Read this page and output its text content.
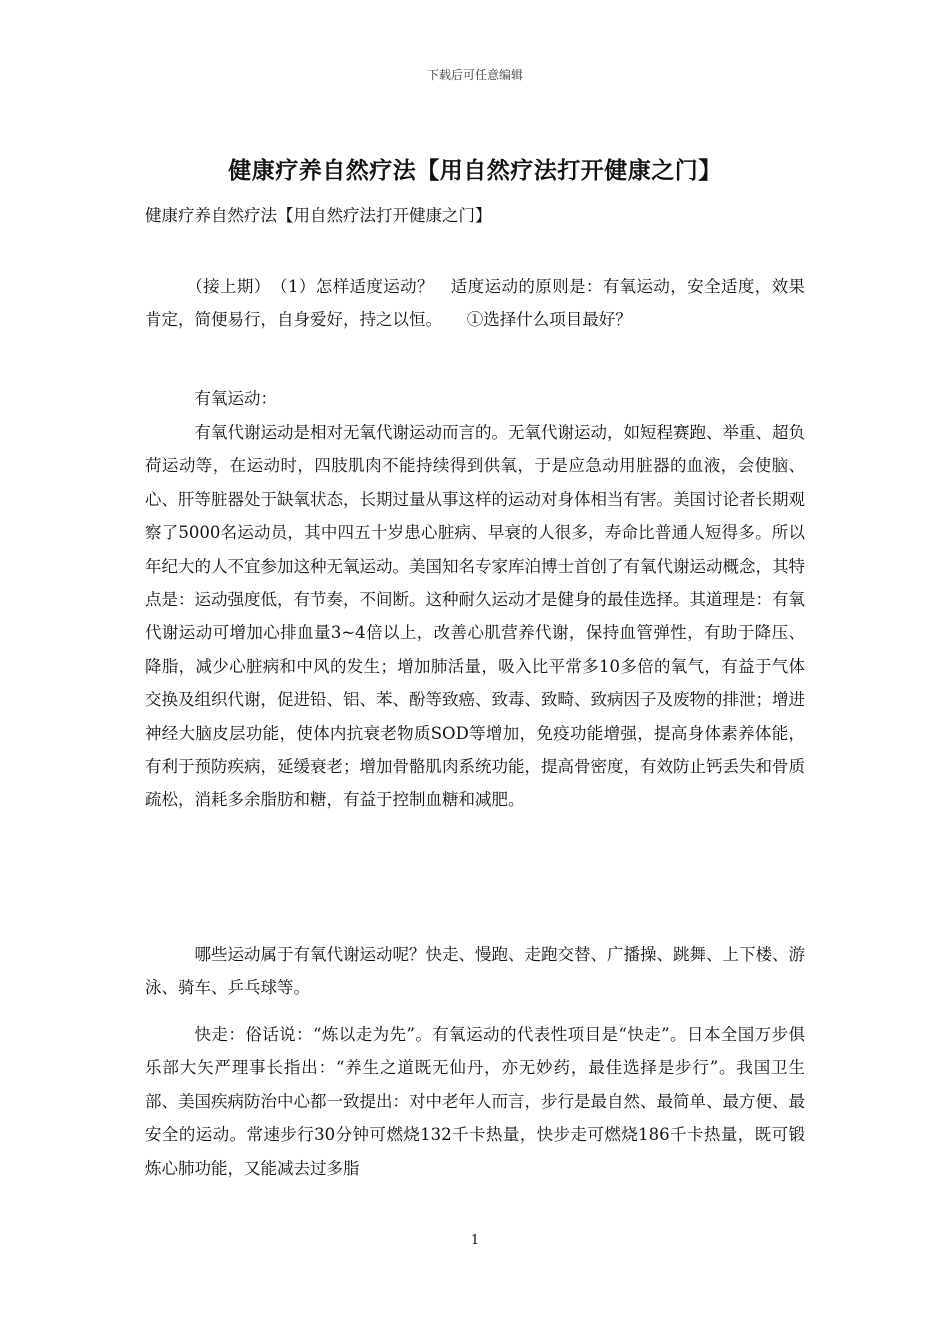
下载后可任意编辑
健康疗养自然疗法【用自然疗法打开健康之门】

健康疗养自然疗法【用自然疗法打开健康之门】

（接上期）　（1）怎样适度运动？　适度运动的原则是：有氧运动，安全适度，效果肯定，简便易行，自身爱好，持之以恒。　　①选择什么项目最好？

有氧运动：

有氧代谢运动是相对无氧代谢运动而言的。无氧代谢运动，如短程赛跑、举重、超负荷运动等，在运动时，四肢肌肉不能持续得到供氧，于是应急动用脏器的血液，会使脑、心、肝等脏器处于缺氧状态，长期过量从事这样的运动对身体相当有害。美国讨论者长期观察了5000名运动员，其中四五十岁患心脏病、早衰的人很多，寿命比普通人短得多。所以年纪大的人不宜参加这种无氧运动。美国知名专家库泊博士首创了有氧代谢运动概念，其特点是：运动强度低，有节奏，不间断。这种耐久运动才是健身的最佳选择。其道理是：有氧代谢运动可增加心排血量3~4倍以上，改善心肌营养代谢，保持血管弹性，有助于降压、降脂，减少心脏病和中风的发生；增加肺活量，吸入比平常多10多倍的氧气，有益于气体交换及组织代谢，促进铅、铝、苯、酚等致癌、致毒、致畸、致病因子及废物的排泄；增进神经大脑皮层功能，使体内抗衰老物质SOD等增加，免疫功能增强，提高身体素养体能，有利于预防疾病，延缓衰老；增加骨骼肌肉系统功能，提高骨密度，有效防止钙丢失和骨质疏松，消耗多余脂肪和糖，有益于控制血糖和减肥。

哪些运动属于有氧代谢运动呢？快走、慢跑、走跑交替、广播操、跳舞、上下楼、游泳、骑车、乒乓球等。

快走：俗话说：“炼以走为先”。有氧运动的代表性项目是“快走”。日本全国万步俱乐部大矢严理事长指出：“养生之道既无仙丹，亦无妙药，最佳选择是步行”。我国卫生部、美国疾病防治中心都一致提出：对中老年人而言，步行是最自然、最简单、最方便、最安全的运动。常速步行30分钟可燃烧132千卡热量，快步走可燃烧186千卡热量，既可锻炼心肺功能，又能减去过多脂

1
